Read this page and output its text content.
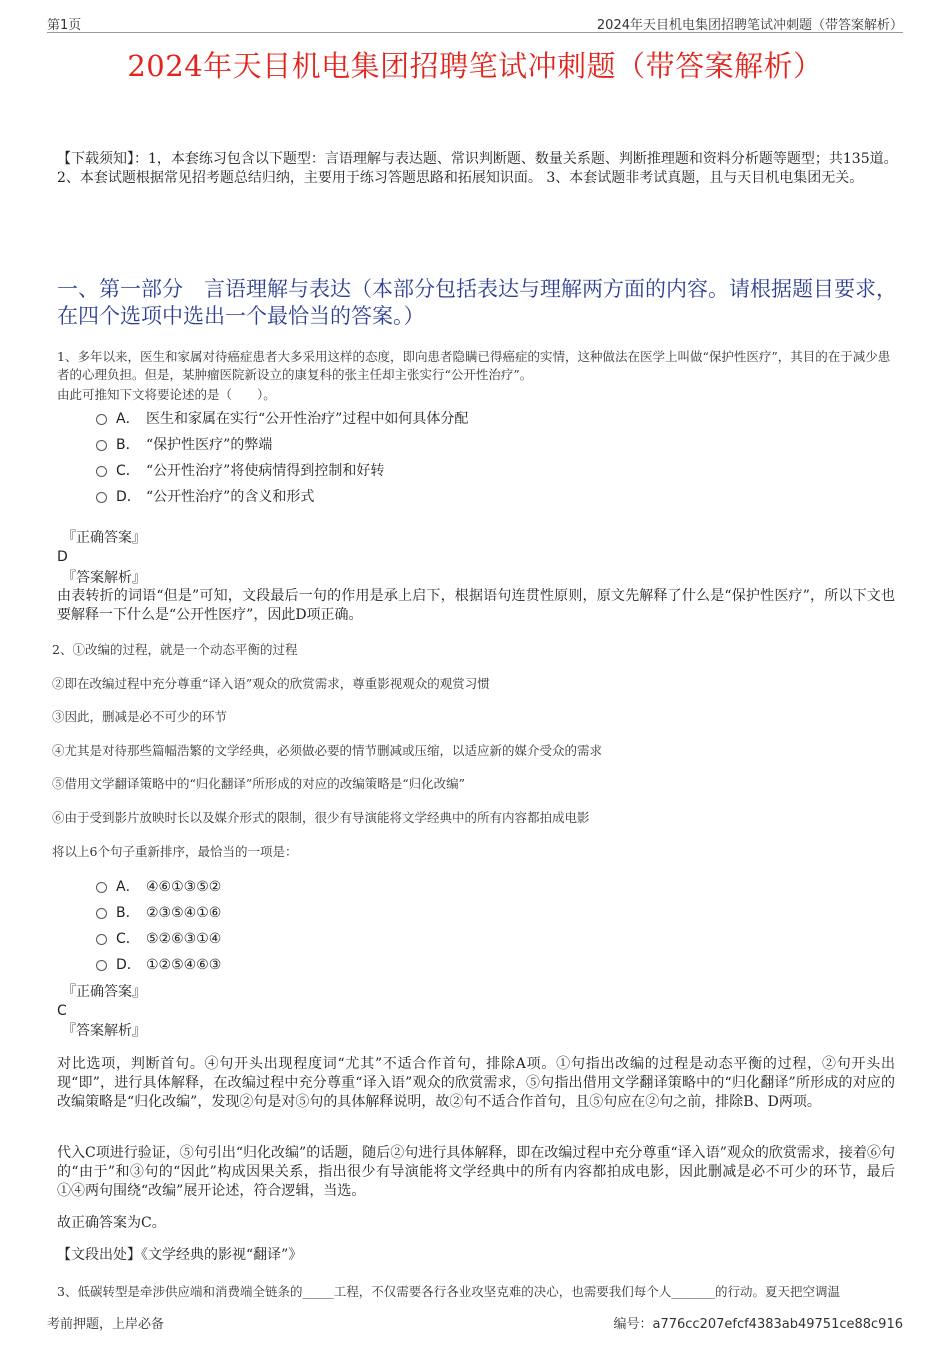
第1页	2024年天目机电集团招聘笔试冲刺题（带答案解析）
2024年天目机电集团招聘笔试冲刺题（带答案解析）
【下载须知】：1，本套练习包含以下题型：言语理解与表达题、常识判断题、数量关系题、判断推理题和资料分析题等题型；共135道。 2、本套试题根据常见招考题总结归纳，主要用于练习答题思路和拓展知识面。 3、本套试题非考试真题，且与天目机电集团无关。
一、第一部分　言语理解与表达（本部分包括表达与理解两方面的内容。请根据题目要求，在四个选项中选出一个最恰当的答案。）
1、多年以来，医生和家属对待癌症患者大多采用这样的态度，即向患者隐瞒已得癌症的实情，这种做法在医学上叫做“保护性医疗”，其目的在于减少患者的心理负担。但是，某肿瘤医院新设立的康复科的张主任却主张实行“公开性治疗”。
由此可推知下文将要论述的是（　　）。
A． 医生和家属在实行“公开性治疗”过程中如何具体分配
B． “保护性医疗”的弊端
C． “公开性治疗”将使病情得到控制和好转
D． “公开性治疗”的含义和形式
『正确答案』
D
『答案解析』
由表转折的词语“但是”可知，文段最后一句的作用是承上启下，根据语句连贯性原则，原文先解释了什么是“保护性医疗”，所以下文也要解释一下什么是“公开性医疗”，因此D项正确。
2、①改编的过程，就是一个动态平衡的过程
②即在改编过程中充分尊重“译入语”观众的欣赏需求，尊重影视观众的观赏习惯
③因此，删减是必不可少的环节
④尤其是对待那些篇幅浩繁的文学经典，必须做必要的情节删减或压缩，以适应新的媒介受众的需求
⑤借用文学翻译策略中的“归化翻译”所形成的对应的改编策略是“归化改编”
⑥由于受到影片放映时长以及媒介形式的限制，很少有导演能将文学经典中的所有内容都拍成电影
将以上6个句子重新排序，最恰当的一项是：
A． ④⑥①③⑤②
B． ②③⑤④①⑥
C． ⑤②⑥③①④
D． ①②⑤④⑥③
『正确答案』
C
『答案解析』
对比选项，判断首句。④句开头出现程度词“尤其”不适合作首句，排除A项。①句指出改编的过程是动态平衡的过程，②句开头出现“即”，进行具体解释，在改编过程中充分尊重“译入语”观众的欣赏需求，⑤句指出借用文学翻译策略中的“归化翻译”所形成的对应的改编策略是“归化改编”，发现②句是对⑤句的具体解释说明，故②句不适合作首句，且⑤句应在②句之前，排除B、D两项。
代入C项进行验证，⑤句引出“归化改编”的话题，随后②句进行具体解释，即在改编过程中充分尊重“译入语”观众的欣赏需求，接着⑥句的“由于”和③句的“因此”构成因果关系，指出很少有导演能将文学经典中的所有内容都拍成电影，因此删减是必不可少的环节，最后①④两句围绕“改编”展开论述，符合逻辑，当选。
故正确答案为C。
【文段出处】《文学经典的影视“翻译”》
3、低碳转型是牵涉供应端和消费端全链条的_____工程，不仅需要各行各业攻坚克难的决心，也需要我们每个人_______的行动。夏天把空调温
考前押题，上岸必备	编号：a776cc207efcf4383ab49751ce88c916
